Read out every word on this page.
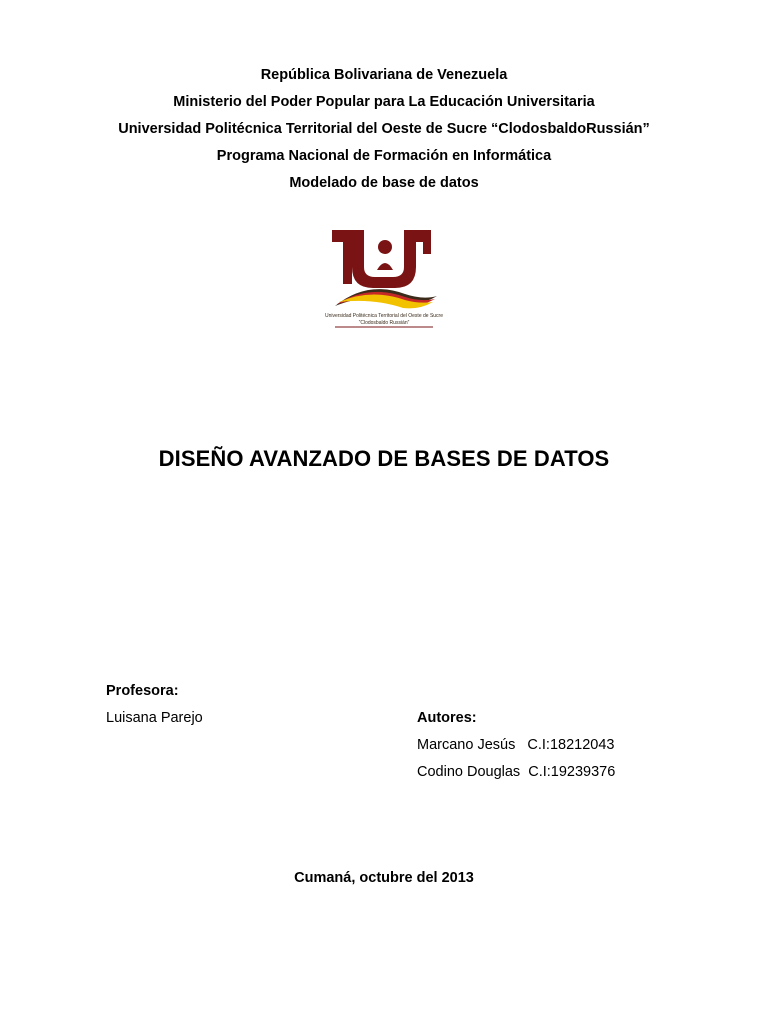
República Bolivariana de Venezuela
Ministerio del Poder Popular para La Educación Universitaria
Universidad Politécnica Territorial del Oeste de Sucre “ClodosbaldoRussián”
Programa Nacional de Formación en Informática
Modelado de base de datos
Universidad Politécnica Territorial del Oeste de Sucre
“Clodosbaldo Russián”
DISEÑO AVANZADO DE BASES DE DATOS
Profesora:
Luisana Parejo	Autores:
Marcano Jesús   C.I:18212043
Codino Douglas  C.I:19239376
Cumaná, octubre del 2013
